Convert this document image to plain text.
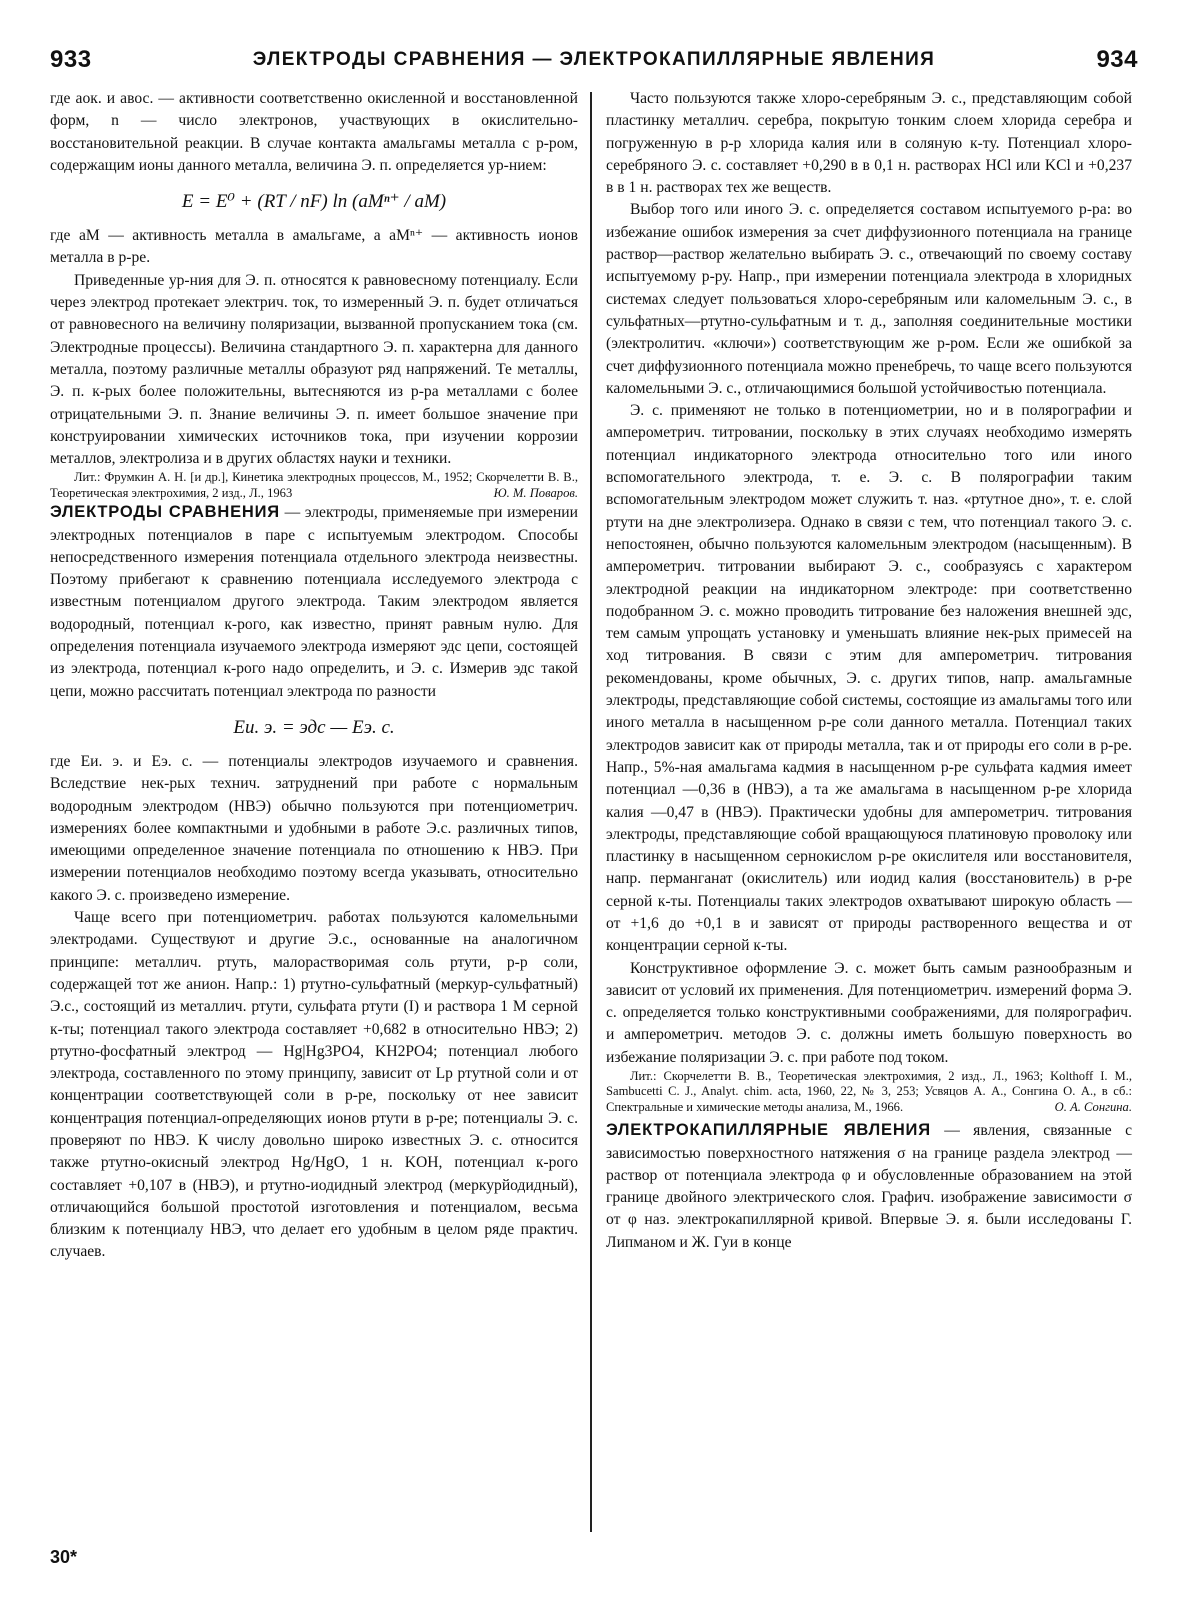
933	ЭЛЕКТРОДЫ СРАВНЕНИЯ — ЭЛЕКТРОКАПИЛЛЯРНЫЕ ЯВЛЕНИЯ	934

где aок. и aвос. — активности соответственно окисленной и восстановленной форм, n — число электронов, участвующих в окислительно-восстановительной реакции. В случае контакта амальгамы металла с р-ром, содержащим ионы данного металла, величина Э. п. определяется ур-нием:

E = E⁰ + (RT / nF) ln (aMⁿ⁺ / aM)

где aM — активность металла в амальгаме, а aMⁿ⁺ — активность ионов металла в р-ре.

Приведенные ур-ния для Э. п. относятся к равновесному потенциалу. Если через электрод протекает электрич. ток, то измеренный Э. п. будет отличаться от равновесного на величину поляризации, вызванной пропусканием тока (см. Электродные процессы). Величина стандартного Э. п. характерна для данного металла, поэтому различные металлы образуют ряд напряжений. Те металлы, Э. п. к-рых более положительны, вытесняются из р-ра металлами с более отрицательными Э. п. Знание величины Э. п. имеет большое значение при конструировании химических источников тока, при изучении коррозии металлов, электролиза и в других областях науки и техники.

Лит.: Фрумкин А. Н. [и др.], Кинетика электродных процессов, М., 1952; Скорчелетти В. В., Теоретическая электрохимия, 2 изд., Л., 1963	Ю. М. Поваров.

ЭЛЕКТРОДЫ СРАВНЕНИЯ — электроды, применяемые при измерении электродных потенциалов в паре с испытуемым электродом. Способы непосредственного измерения потенциала отдельного электрода неизвестны. Поэтому прибегают к сравнению потенциала исследуемого электрода с известным потенциалом другого электрода. Таким электродом является водородный, потенциал к-рого, как известно, принят равным нулю. Для определения потенциала изучаемого электрода измеряют эдс цепи, состоящей из электрода, потенциал к-рого надо определить, и Э. с. Измерив эдс такой цепи, можно рассчитать потенциал электрода по разности

Eи. э. = эдс — Eэ. с.

где Eи. э. и Eэ. с. — потенциалы электродов изучаемого и сравнения. Вследствие нек-рых технич. затруднений при работе с нормальным водородным электродом (НВЭ) обычно пользуются при потенциометрич. измерениях более компактными и удобными в работе Э.с. различных типов, имеющими определенное значение потенциала по отношению к НВЭ. При измерении потенциалов необходимо поэтому всегда указывать, относительно какого Э. с. произведено измерение.

Чаще всего при потенциометрич. работах пользуются каломельными электродами. Существуют и другие Э.с., основанные на аналогичном принципе: металлич. ртуть, малорастворимая соль ртути, р-р соли, содержащей тот же анион. Напр.: 1) ртутно-сульфатный (меркур-сульфатный) Э.с., состоящий из металлич. ртути, сульфата ртути (I) и раствора 1 M серной к-ты; потенциал такого электрода составляет +0,682 в относительно НВЭ; 2) ртутно-фосфатный электрод — Hg|Hg3PO4, KH2PO4; потенциал любого электрода, составленного по этому принципу, зависит от Lp ртутной соли и от концентрации соответствующей соли в р-ре, поскольку от нее зависит концентрация потенциал-определяющих ионов ртути в р-ре; потенциалы Э. с. проверяют по НВЭ. К числу довольно широко известных Э. с. относится также ртутно-окисный электрод Hg/HgO, 1 н. KOH, потенциал к-рого составляет +0,107 в (НВЭ), и ртутно-иодидный электрод (меркурйодидный), отличающийся большой простотой изготовления и потенциалом, весьма близким к потенциалу НВЭ, что делает его удобным в целом ряде практич. случаев.

Часто пользуются также хлоро-серебряным Э. с., представляющим собой пластинку металлич. серебра, покрытую тонким слоем хлорида серебра и погруженную в р-р хлорида калия или в соляную к-ту. Потенциал хлоро-серебряного Э. с. составляет +0,290 в в 0,1 н. растворах HCl или KCl и +0,237 в в 1 н. растворах тех же веществ.

Выбор того или иного Э. с. определяется составом испытуемого р-ра: во избежание ошибок измерения за счет диффузионного потенциала на границе раствор—раствор желательно выбирать Э. с., отвечающий по своему составу испытуемому р-ру. Напр., при измерении потенциала электрода в хлоридных системах следует пользоваться хлоро-серебряным или каломельным Э. с., в сульфатных—ртутно-сульфатным и т. д., заполняя соединительные мостики (электролитич. «ключи») соответствующим же р-ром. Если же ошибкой за счет диффузионного потенциала можно пренебречь, то чаще всего пользуются каломельными Э. с., отличающимися большой устойчивостью потенциала.

Э. с. применяют не только в потенциометрии, но и в полярографии и амперометрич. титровании, поскольку в этих случаях необходимо измерять потенциал индикаторного электрода относительно того или иного вспомогательного электрода, т. е. Э. с. В полярографии таким вспомогательным электродом может служить т. наз. «ртутное дно», т. е. слой ртути на дне электролизера. Однако в связи с тем, что потенциал такого Э. с. непостоянен, обычно пользуются каломельным электродом (насыщенным). В амперометрич. титровании выбирают Э. с., сообразуясь с характером электродной реакции на индикаторном электроде: при соответственно подобранном Э. с. можно проводить титрование без наложения внешней эдс, тем самым упрощать установку и уменьшать влияние нек-рых примесей на ход титрования. В связи с этим для амперометрич. титрования рекомендованы, кроме обычных, Э. с. других типов, напр. амальгамные электроды, представляющие собой системы, состоящие из амальгамы того или иного металла в насыщенном р-ре соли данного металла. Потенциал таких электродов зависит как от природы металла, так и от природы его соли в р-ре. Напр., 5%-ная амальгама кадмия в насыщенном р-ре сульфата кадмия имеет потенциал —0,36 в (НВЭ), а та же амальгама в насыщенном р-ре хлорида калия —0,47 в (НВЭ). Практически удобны для амперометрич. титрования электроды, представляющие собой вращающуюся платиновую проволоку или пластинку в насыщенном сернокислом р-ре окислителя или восстановителя, напр. перманганат (окислитель) или иодид калия (восстановитель) в р-ре серной к-ты. Потенциалы таких электродов охватывают широкую область — от +1,6 до +0,1 в и зависят от природы растворенного вещества и от концентрации серной к-ты.

Конструктивное оформление Э. с. может быть самым разнообразным и зависит от условий их применения. Для потенциометрич. измерений форма Э. с. определяется только конструктивными соображениями, для полярографич. и амперометрич. методов Э. с. должны иметь большую поверхность во избежание поляризации Э. с. при работе под током.

Лит.: Скорчелетти В. В., Теоретическая электрохимия, 2 изд., Л., 1963; Kolthoff I. M., Sambucetti C. J., Analyt. chim. acta, 1960, 22, № 3, 253; Усвяцов А. А., Сонгина О. А., в сб.: Спектральные и химические методы анализа, М., 1966.	О. А. Сонгина.

ЭЛЕКТРОКАПИЛЛЯРНЫЕ ЯВЛЕНИЯ — явления, связанные с зависимостью поверхностного натяжения σ на границе раздела электрод — раствор от потенциала электрода φ и обусловленные образованием на этой границе двойного электрического слоя. Графич. изображение зависимости σ от φ наз. электрокапиллярной кривой. Впервые Э. я. были исследованы Г. Липманом и Ж. Гуи в конце

30*
